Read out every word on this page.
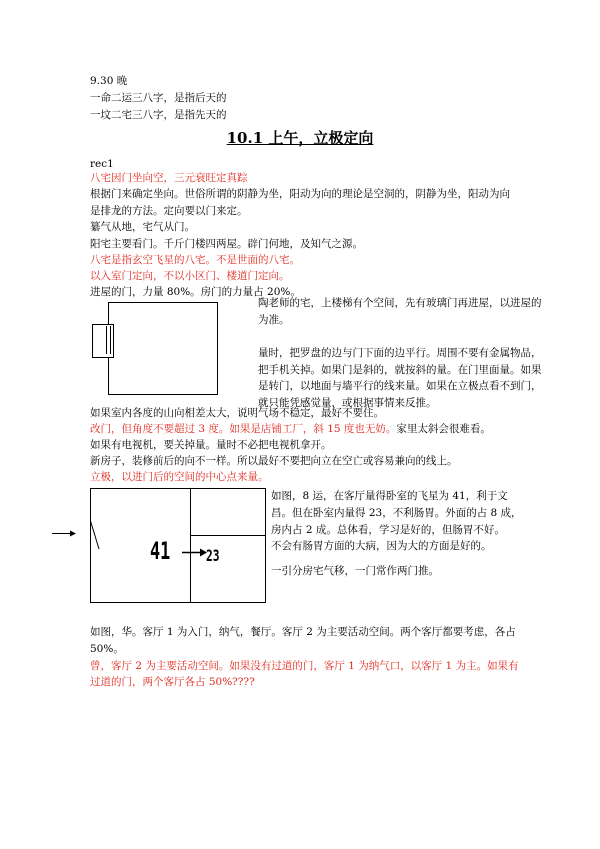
9.30 晚
一命二运三八字，是指后天的
一坟二宅三八字，是指先天的
10.1 上午，立极定向
rec1
八宅因门坐向空，三元衰旺定真踪
根据门来确定坐向。世俗所谓的阴静为坐，阳动为向的理论是空洞的，阴静为坐，阳动为向
是排龙的方法。定向要以门来定。
纂气从地，宅气从门。
阳宅主要看门。千斤门楼四两屋。辟门何地，及知气之源。
八宅是指玄空飞星的八宅。不是世面的八宅。
以入室门定向，不以小区门、楼道门定向。
进屋的门，力量 80%。房门的力量占 20%。
陶老师的宅，上楼梯有个空间，先有玻璃门再进屋，以进屋的
为准。
量时，把罗盘的边与门下面的边平行。周围不要有金属物品，
把手机关掉。如果门是斜的，就按斜的量。在门里面量。如果
是转门，以地面与墙平行的线来量。如果在立极点看不到门，
就只能凭感觉量，或根据事情来反推。
如果室内各度的山向相差太大，说明气场不稳定，最好不要住。
改门，但角度不要超过 3 度。如果是店铺工厂，斜 15 度也无妨。家里太斜会很难看。
如果有电视机，要关掉量。量时不必把电视机拿开。
新房子，装修前后的向不一样。所以最好不要把向立在空亡或容易兼向的线上。
立极，以进门后的空间的中心点来量。
41 23
如图，8 运，在客厅量得卧室的飞星为 41，利于文
昌。但在卧室内量得 23，不利肠胃。外面的占 8 成，
房内占 2 成。总体看，学习是好的，但肠胃不好。
不会有肠胃方面的大病，因为大的方面是好的。
一引分房宅气移，一门常作两门推。
如图，华。客厅 1 为入门，纳气，餐厅。客厅 2 为主要活动空间。两个客厅都要考虑，各占
50%。
曾，客厅 2 为主要活动空间。如果没有过道的门，客厅 1 为纳气口，以客厅 1 为主。如果有
过道的门，两个客厅各占 50%????
